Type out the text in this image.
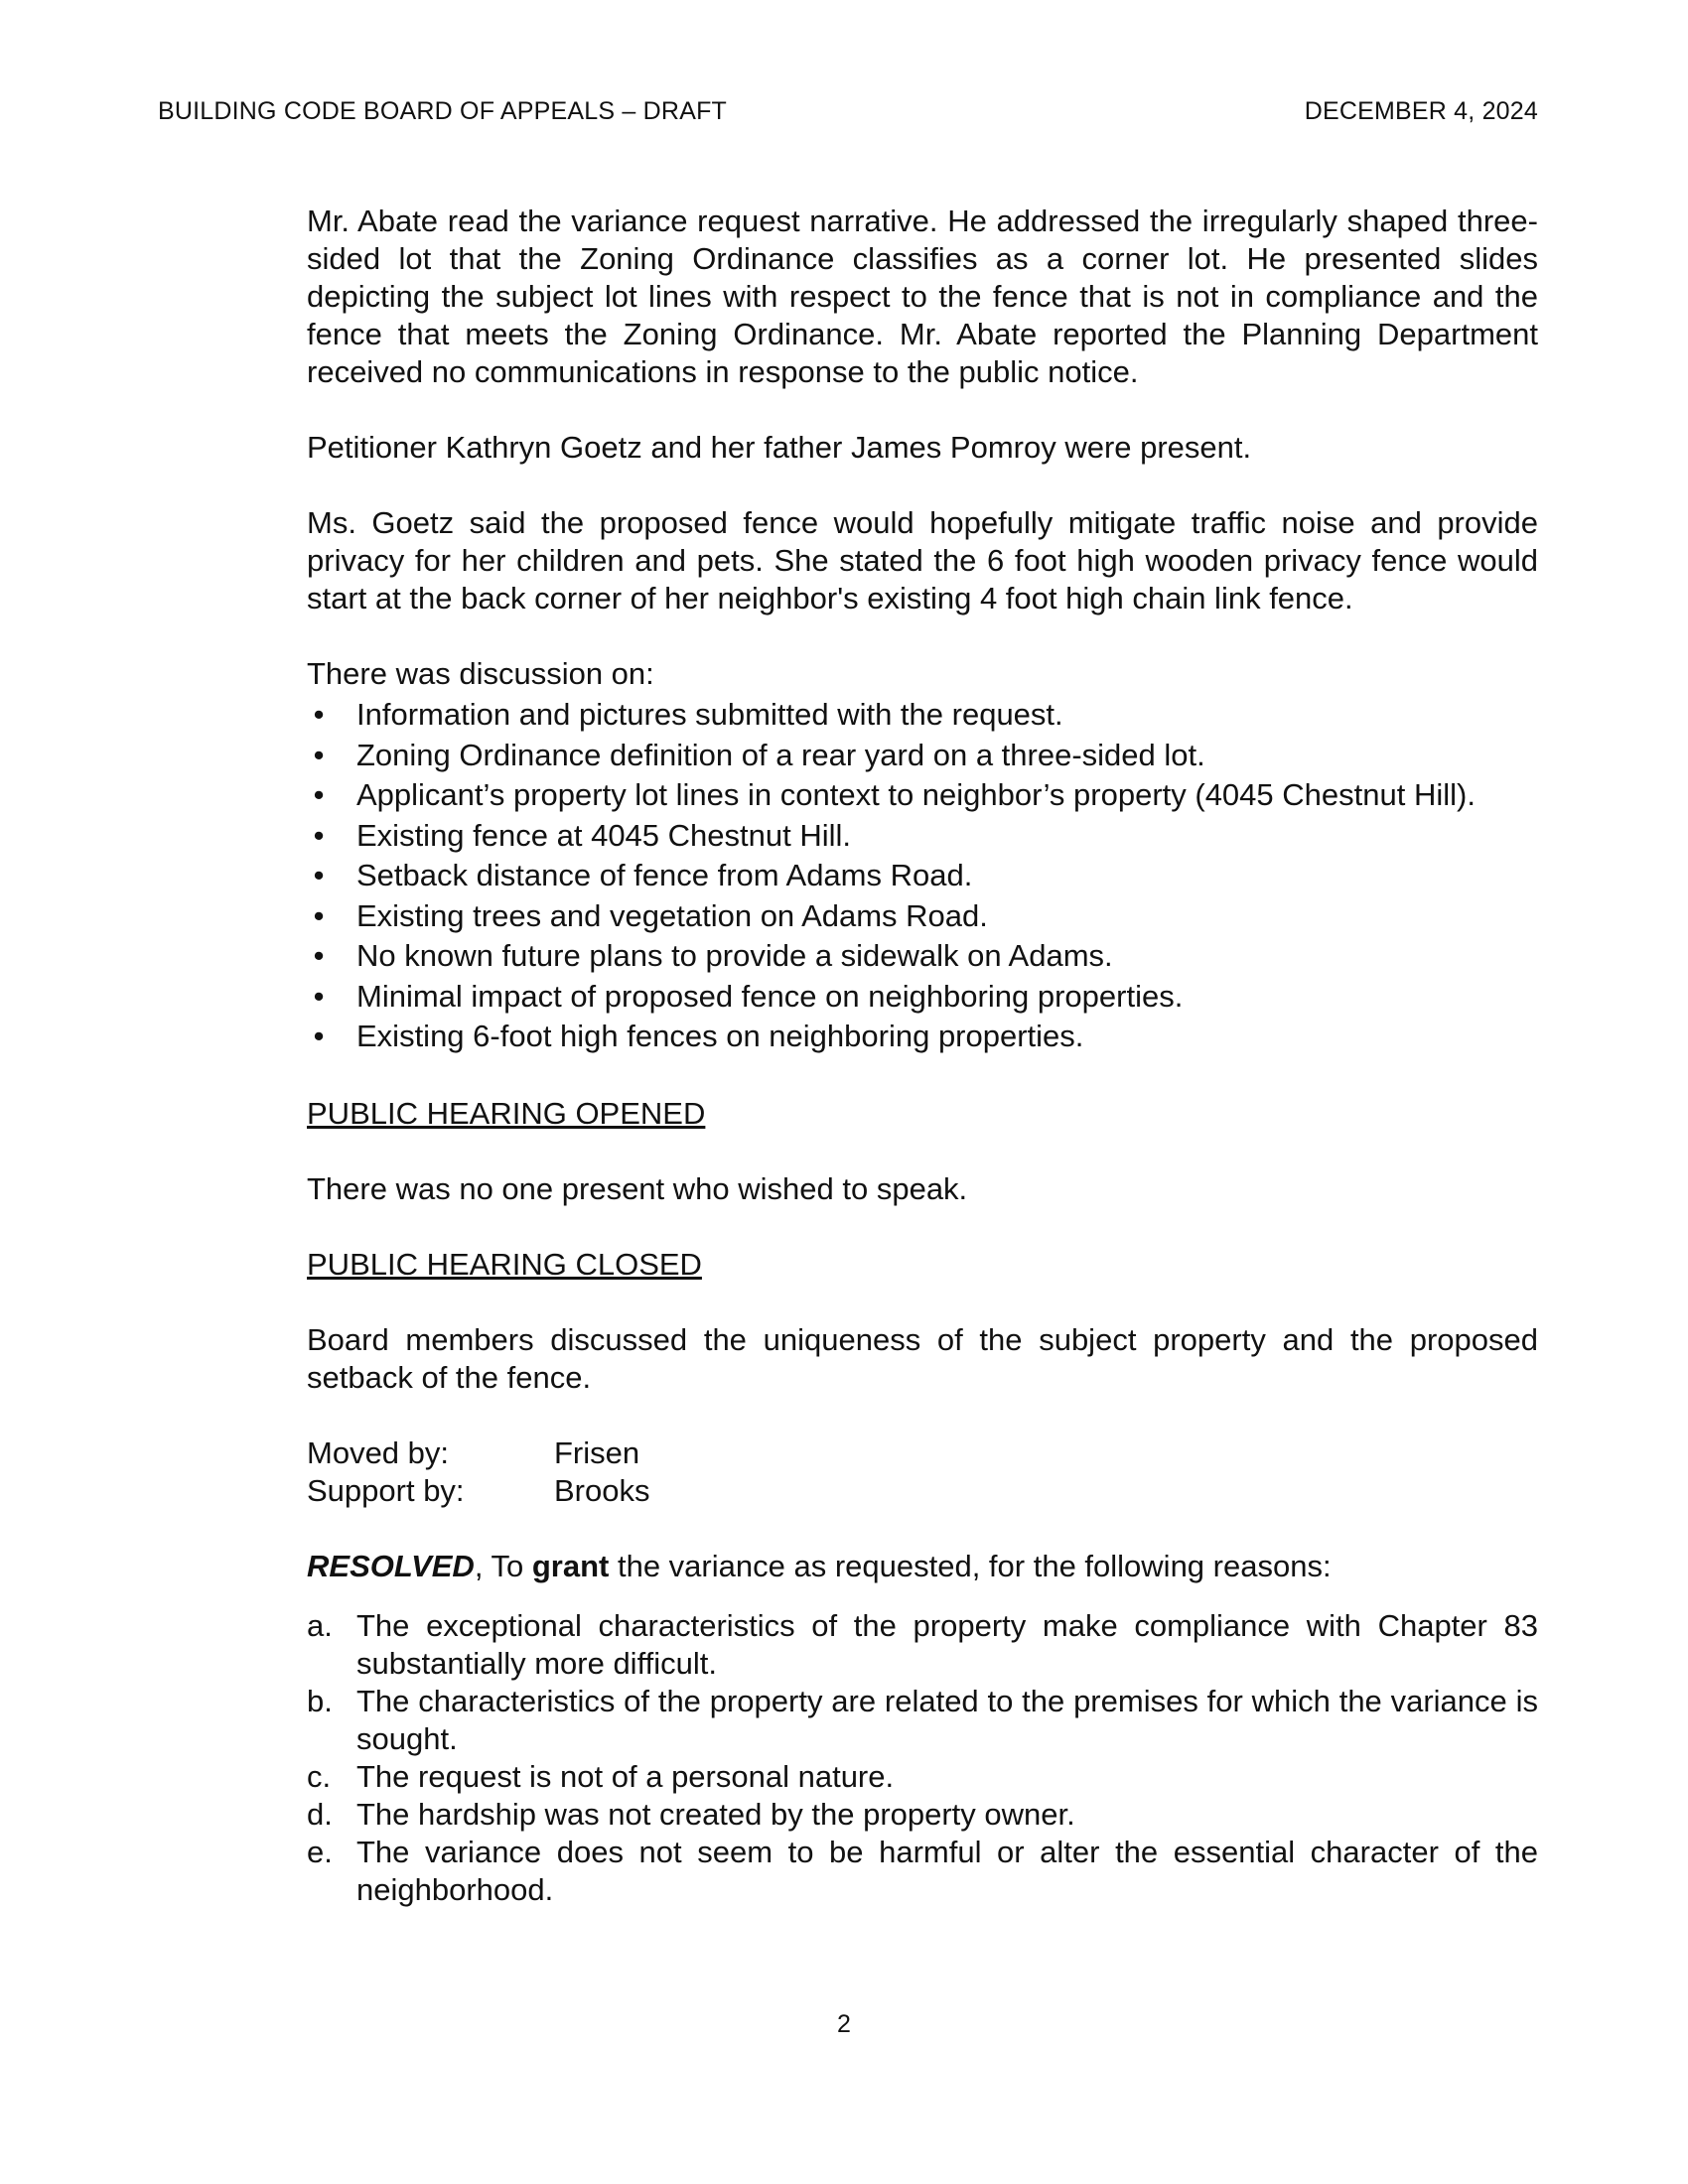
BUILDING CODE BOARD OF APPEALS – DRAFT	DECEMBER 4, 2024

Mr. Abate read the variance request narrative. He addressed the irregularly shaped three-sided lot that the Zoning Ordinance classifies as a corner lot. He presented slides depicting the subject lot lines with respect to the fence that is not in compliance and the fence that meets the Zoning Ordinance. Mr. Abate reported the Planning Department received no communications in response to the public notice.

Petitioner Kathryn Goetz and her father James Pomroy were present.

Ms. Goetz said the proposed fence would hopefully mitigate traffic noise and provide privacy for her children and pets. She stated the 6 foot high wooden privacy fence would start at the back corner of her neighbor's existing 4 foot high chain link fence.

There was discussion on:
• Information and pictures submitted with the request.
• Zoning Ordinance definition of a rear yard on a three-sided lot.
• Applicant’s property lot lines in context to neighbor’s property (4045 Chestnut Hill).
• Existing fence at 4045 Chestnut Hill.
• Setback distance of fence from Adams Road.
• Existing trees and vegetation on Adams Road.
• No known future plans to provide a sidewalk on Adams.
• Minimal impact of proposed fence on neighboring properties.
• Existing 6-foot high fences on neighboring properties.

PUBLIC HEARING OPENED

There was no one present who wished to speak.

PUBLIC HEARING CLOSED

Board members discussed the uniqueness of the subject property and the proposed setback of the fence.

Moved by:	Frisen
Support by:	Brooks
RESOLVED, To grant the variance as requested, for the following reasons:
a. The exceptional characteristics of the property make compliance with Chapter 83 substantially more difficult.
b. The characteristics of the property are related to the premises for which the variance is sought.
c. The request is not of a personal nature.
d. The hardship was not created by the property owner.
e. The variance does not seem to be harmful or alter the essential character of the neighborhood.
2
